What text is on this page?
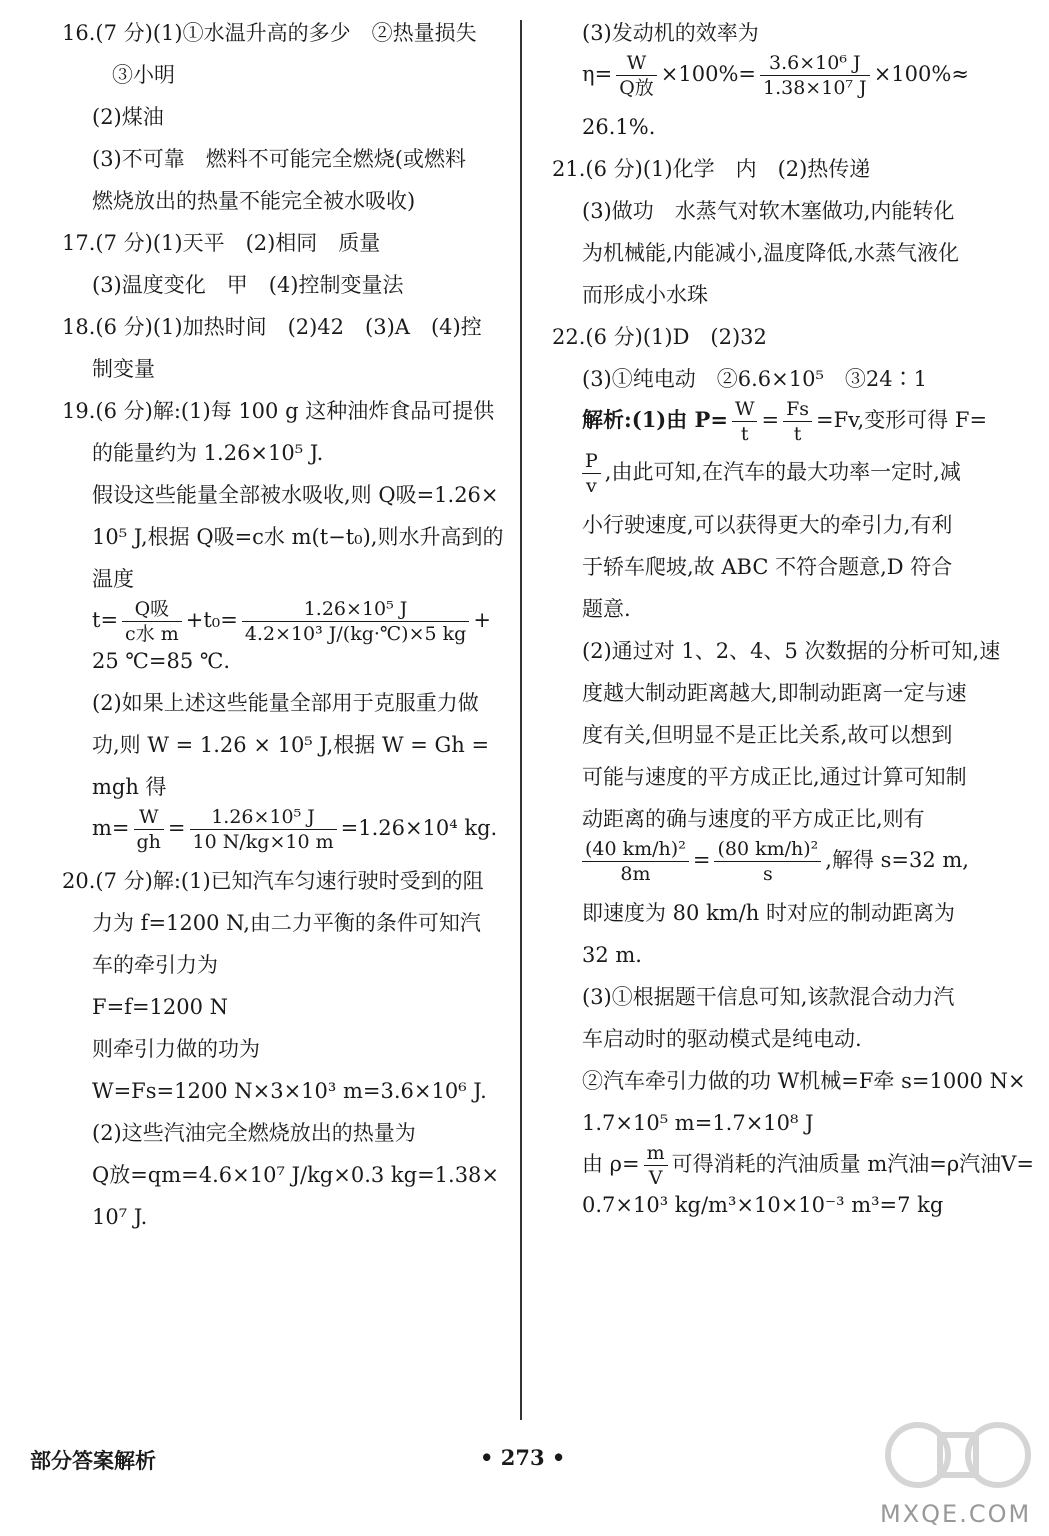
16.(7 分)(1)①水温升高的多少　②热量损失

③小明

(2)煤油

(3)不可靠　燃料不可能完全燃烧(或燃料

燃烧放出的热量不能完全被水吸收)

17.(7 分)(1)天平　(2)相同　质量

(3)温度变化　甲　(4)控制变量法

18.(6 分)(1)加热时间　(2)42　(3)A　(4)控

制变量

19.(6 分)解:(1)每 100 g 这种油炸食品可提供

的能量约为 1.26×10⁵ J.

假设这些能量全部被水吸收,则 Q吸=1.26×

10⁵ J,根据 Q吸=c水 m(t−t₀),则水升高到的

温度

$t= \frac{\text{Q吸}}{\text{c水 m}} +t_0= \frac{\text{1.26×10⁵ J}}{\text{4.2×10³ J/(kg·℃)×5 kg}}$ +

25 ℃=85 ℃.

(2)如果上述这些能量全部用于克服重力做

功,则 W = 1.26 × 10⁵ J,根据 W = Gh =

mgh 得

$m= \frac{W}{gh} = \frac{\text{1.26×10⁵ J}}{10 N/kg\times 10 m} =1.26\times 10^4$ kg.

20.(7 分)解:(1)已知汽车匀速行驶时受到的阻

力为 f=1200 N,由二力平衡的条件可知汽

车的牵引力为

F=f=1200 N

则牵引力做的功为

W=Fs=1200 N×3×10³ m=3.6×10⁶ J.

(2)这些汽油完全燃烧放出的热量为

Q放=qm=4.6×10⁷ J/kg×0.3 kg=1.38×

10⁷ J.

(3)发动机的效率为

$\eta= \frac{W}{\text{Q放}} \times 100\%= \frac{\text{3.6×10⁶ J}}{\text{1.38×10⁷ J}} \times 100\%\approx$

26.1%.

21.(6 分)(1)化学　内　(2)热传递

(3)做功　水蒸气对软木塞做功,内能转化

为机械能,内能减小,温度降低,水蒸气液化

而形成小水珠

22.(6 分)(1)D　(2)32

(3)①纯电动　②6.6×10⁵　③24∶1

解析:(1)由 $P= \frac{W}{t} = \frac{Fs}{t} =Fv$,变形可得 F=
$\frac{P}{v}$ ,由此可知,在汽车的最大功率一定时,减

小行驶速度,可以获得更大的牵引力,有利

于轿车爬坡,故 ABC 不符合题意,D 符合

题意.

(2)通过对 1、2、4、5 次数据的分析可知,速

度越大制动距离越大,即制动距离一定与速

度有关,但明显不是正比关系,故可以想到

可能与速度的平方成正比,通过计算可知制

动距离的确与速度的平方成正比,则有

$\frac{\text{(40 km/h)²}}{8m} = \frac{\text{(80 km/h)²}}{s}$ ,解得 s=32 m,

即速度为 80 km/h 时对应的制动距离为

32 m.

(3)①根据题干信息可知,该款混合动力汽

车启动时的驱动模式是纯电动.

②汽车牵引力做的功 W机械=F牵 s=1000 N×

1.7×10⁵ m=1.7×10⁸ J

由 $\rho= \frac{m}{V}$ 可得消耗的汽油质量 m汽油=ρ汽油V=

0.7×10³ kg/m³×10×10⁻³ m³=7 kg

部分答案解析	• 273 •
MXQE.COM
